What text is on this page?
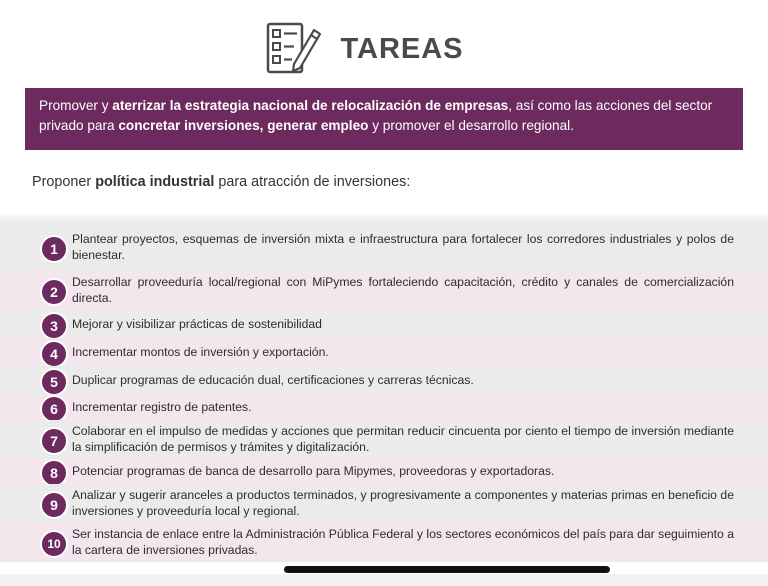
TAREAS
Promover y aterrizar la estrategia nacional de relocalización de empresas, así como las acciones del sector privado para concretar inversiones, generar empleo y promover el desarrollo regional.
Proponer política industrial para atracción de inversiones:
1
Plantear proyectos, esquemas de inversión mixta e infraestructura para fortalecer los corredores industriales y polos de bienestar.
2
Desarrollar proveeduría local/regional con MiPymes fortaleciendo capacitación, crédito y canales de comercialización directa.
3	Mejorar y visibilizar prácticas de sostenibilidad
4	Incrementar montos de inversión y exportación.
5	Duplicar programas de educación dual, certificaciones y carreras técnicas.
6	Incrementar registro de patentes.
7
Colaborar en el impulso de medidas y acciones que permitan reducir cincuenta por ciento el tiempo de inversión mediante la simplificación de permisos y trámites y digitalización.
8	Potenciar programas de banca de desarrollo para Mipymes, proveedoras y exportadoras.
9
Analizar y sugerir aranceles a productos terminados, y progresivamente a componentes y materias primas en beneficio de inversiones y proveeduría local y regional.
10
Ser instancia de enlace entre la Administración Pública Federal y los sectores económicos del país para dar seguimiento a la cartera de inversiones privadas.
